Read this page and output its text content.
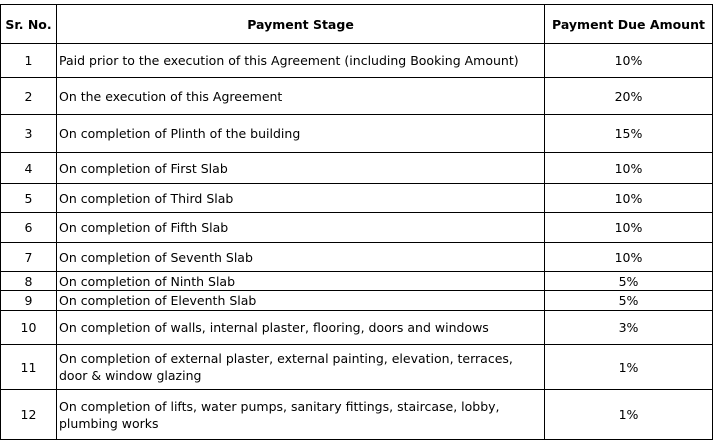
Sr. No.	Payment Stage	Payment Due Amount
1	Paid prior to the execution of this Agreement (including Booking Amount)	10%
2	On the execution of this Agreement	20%
3	On completion of Plinth of the building	15%
4	On completion of First Slab	10%
5	On completion of Third Slab	10%
6	On completion of Fifth Slab	10%
7	On completion of Seventh Slab	10%
8	On completion of Ninth Slab	5%
9	On completion of Eleventh Slab	5%
10	On completion of walls, internal plaster, flooring, doors and windows	3%
11	On completion of external plaster, external painting, elevation, terraces, door & window glazing	1%
12	On completion of lifts, water pumps, sanitary fittings, staircase, lobby, plumbing works	1%
